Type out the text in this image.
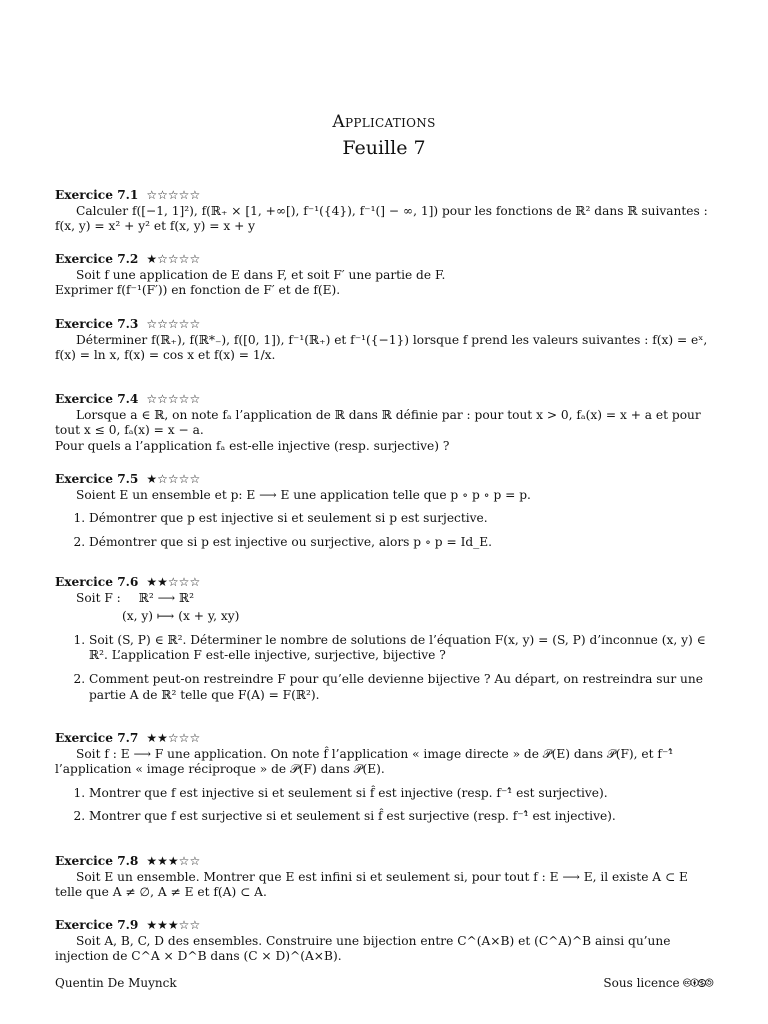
Applications
Feuille 7
Exercice 7.1 ☆☆☆☆☆

Calculer f([−1, 1]²), f(ℝ₊ × [1, +∞[), f⁻¹({4}), f⁻¹(] − ∞, 1]) pour les fonctions de ℝ² dans ℝ suivantes : f(x, y) = x² + y² et f(x, y) = x + y

Exercice 7.2 ★☆☆☆☆

Soit f une application de E dans F, et soit F′ une partie de F.

Exprimer f(f⁻¹(F′)) en fonction de F′ et de f(E).

Exercice 7.3 ☆☆☆☆☆

Déterminer f(ℝ₊), f(ℝ*₋), f([0, 1]), f⁻¹(ℝ₊) et f⁻¹({−1}) lorsque f prend les valeurs suivantes : f(x) = eˣ, f(x) = ln x, f(x) = cos x et f(x) = 1/x.

Exercice 7.4 ☆☆☆☆☆

Lorsque a ∈ ℝ, on note fₐ l’application de ℝ dans ℝ définie par : pour tout x > 0, fₐ(x) = x + a et pour tout x ≤ 0, fₐ(x) = x − a.

Pour quels a l’application fₐ est-elle injective (resp. surjective) ?

Exercice 7.5 ★☆☆☆☆

Soient E un ensemble et p: E ⟶ E une application telle que p ∘ p ∘ p = p.

1. Démontrer que p est injective si et seulement si p est surjective.
2. Démontrer que si p est injective ou surjective, alors p ∘ p = Id_E.
Exercice 7.6 ★★☆☆☆
Soit F : ℝ² ⟶ ℝ²
(x, y) ⟼ (x + y, xy)
1. Soit (S, P) ∈ ℝ². Déterminer le nombre de solutions de l’équation F(x, y) = (S, P) d’inconnue (x, y) ∈ ℝ². L’application F est-elle injective, surjective, bijective ?
2. Comment peut-on restreindre F pour qu’elle devienne bijective ? Au départ, on restreindra sur une partie A de ℝ² telle que F(A) = F(ℝ²).
Exercice 7.7 ★★☆☆☆

Soit f : E ⟶ F une application. On note f̂ l’application « image directe » de 𝒫(E) dans 𝒫(F), et f⁻¹̂ l’application « image réciproque » de 𝒫(F) dans 𝒫(E).

1. Montrer que f est injective si et seulement si f̂ est injective (resp. f⁻¹̂ est surjective).
2. Montrer que f est surjective si et seulement si f̂ est surjective (resp. f⁻¹̂ est injective).
Exercice 7.8 ★★★☆☆

Soit E un ensemble. Montrer que E est infini si et seulement si, pour tout f : E ⟶ E, il existe A ⊂ E telle que A ≠ ∅, A ≠ E et f(A) ⊂ A.

Exercice 7.9 ★★★☆☆

Soit A, B, C, D des ensembles. Construire une bijection entre C^(A×B) et (C^A)^B ainsi qu’une injection de C^A × D^B dans (C × D)^(A×B).

Quentin De Muynck	Sous licence 🅭🅯🄏🄎
